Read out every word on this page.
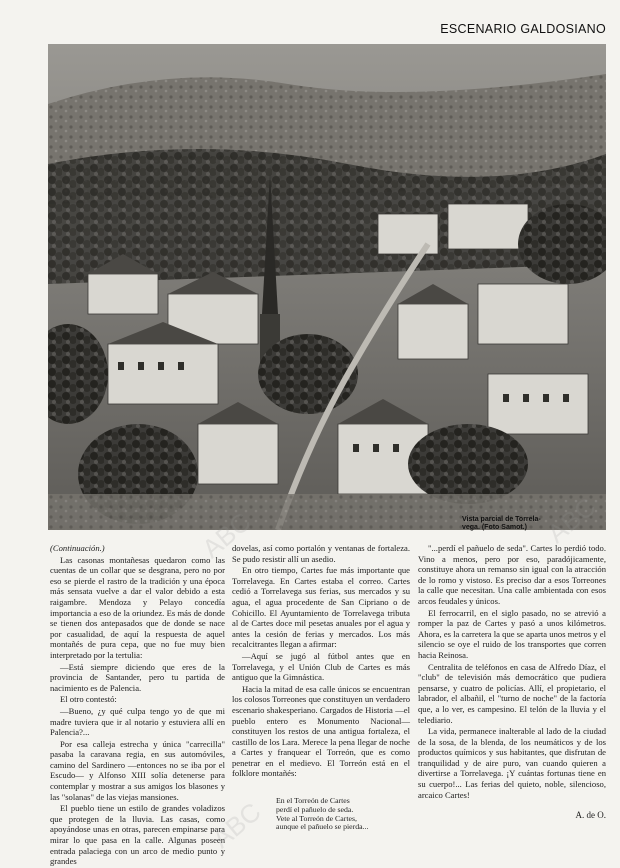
ESCENARIO GALDOSIANO
Vista parcial de Torrela-
vega. (Foto Samot.)

(Continuación.)

Las casonas montañesas quedaron como las cuentas de un collar que se desgrana, pero no por eso se pierde el rastro de la tradición y una época más sensata vuelve a dar el valor debido a esta raigambre. Mendoza y Pelayo concedía importancia a eso de la oriundez. Es más de donde se tienen dos antepasados que de donde se nace por casualidad, de aquí la respuesta de aquel montañés de pura cepa, que no fue muy bien interpretado por la tertulia:

—Está siempre diciendo que eres de la provincia de Santander, pero tu partida de nacimiento es de Palencia.

El otro contestó:

—Bueno, ¿y qué culpa tengo yo de que mi madre tuviera que ir al notario y estuviera allí en Palencia?...

Por esa calleja estrecha y única "carrecilla" pasaba la caravana regia, en sus automóviles, camino del Sardinero —entonces no se iba por el Escudo— y Alfonso XIII solía detenerse para contemplar y mostrar a sus amigos los blasones y las "solanas" de las viejas mansiones.

El pueblo tiene un estilo de grandes voladizos que protegen de la lluvia. Las casas, como apoyándose unas en otras, parecen empinarse para mirar lo que pasa en la calle. Algunas poseen entrada palaciega con un arco de medio punto y grandes

dovelas, así como portalón y ventanas de fortaleza. Se pudo resistir allí un asedio.

En otro tiempo, Cartes fue más importante que Torrelavega. En Cartes estaba el correo. Cartes cedió a Torrelavega sus ferias, sus mercados y su agua, el agua procedente de San Cipriano o de Cohicillo. El Ayuntamiento de Torrelavega tributa al de Cartes doce mil pesetas anuales por el agua y antes la cesión de ferias y mercados. Los más recalcitrantes llegan a afirmar:

—Aquí se jugó al fútbol antes que en Torrelavega, y el Unión Club de Cartes es más antiguo que la Gimnástica.

Hacia la mitad de esa calle únicos se encuentran los colosos Torreones que constituyen un verdadero escenario shakesperiano. Cargados de Historia —el pueblo entero es Monumento Nacional— constituyen los restos de una antigua fortaleza, el castillo de los Lara. Merece la pena llegar de noche a Cartes y franquear el Torreón, que es como penetrar en el medievo. El Torreón está en el folklore montañés:

En el Torreón de Cartes
perdí el pañuelo de seda.
Vete al Torreón de Cartes,
aunque el pañuelo se pierda...

"...perdí el pañuelo de seda". Cartes lo perdió todo. Vino a menos, pero por eso, paradójicamente, constituye ahora un remanso sin igual con la atracción de lo romo y vistoso. Es preciso dar a esos Torreones la calle que necesitan. Una calle ambientada con esos arcos feudales y únicos.

El ferrocarril, en el siglo pasado, no se atrevió a romper la paz de Cartes y pasó a unos kilómetros. Ahora, es la carretera la que se aparta unos metros y el silencio se oye el ruido de los transportes que corren hacia Reinosa.

Centralita de teléfonos en casa de Alfredo Díaz, el "club" de televisión más democrático que pudiera pensarse, y cuatro de policías. Allí, el propietario, el labrador, el albañil, el "turno de noche" de la factoría que, a lo ver, es campesino. El telón de la lluvia y el telediario.

La vida, permanece inalterable al lado de la ciudad de la sosa, de la blenda, de los neumáticos y de los productos químicos y sus habitantes, que disfrutan de tranquilidad y de aire puro, van cuando quieren a divertirse a Torrelavega. ¡Y cuántas fortunas tiene en su cuerpo!... Las ferias del quieto, noble, silencioso, arcaico Cartes!

A. de O.
ABC
ABC
